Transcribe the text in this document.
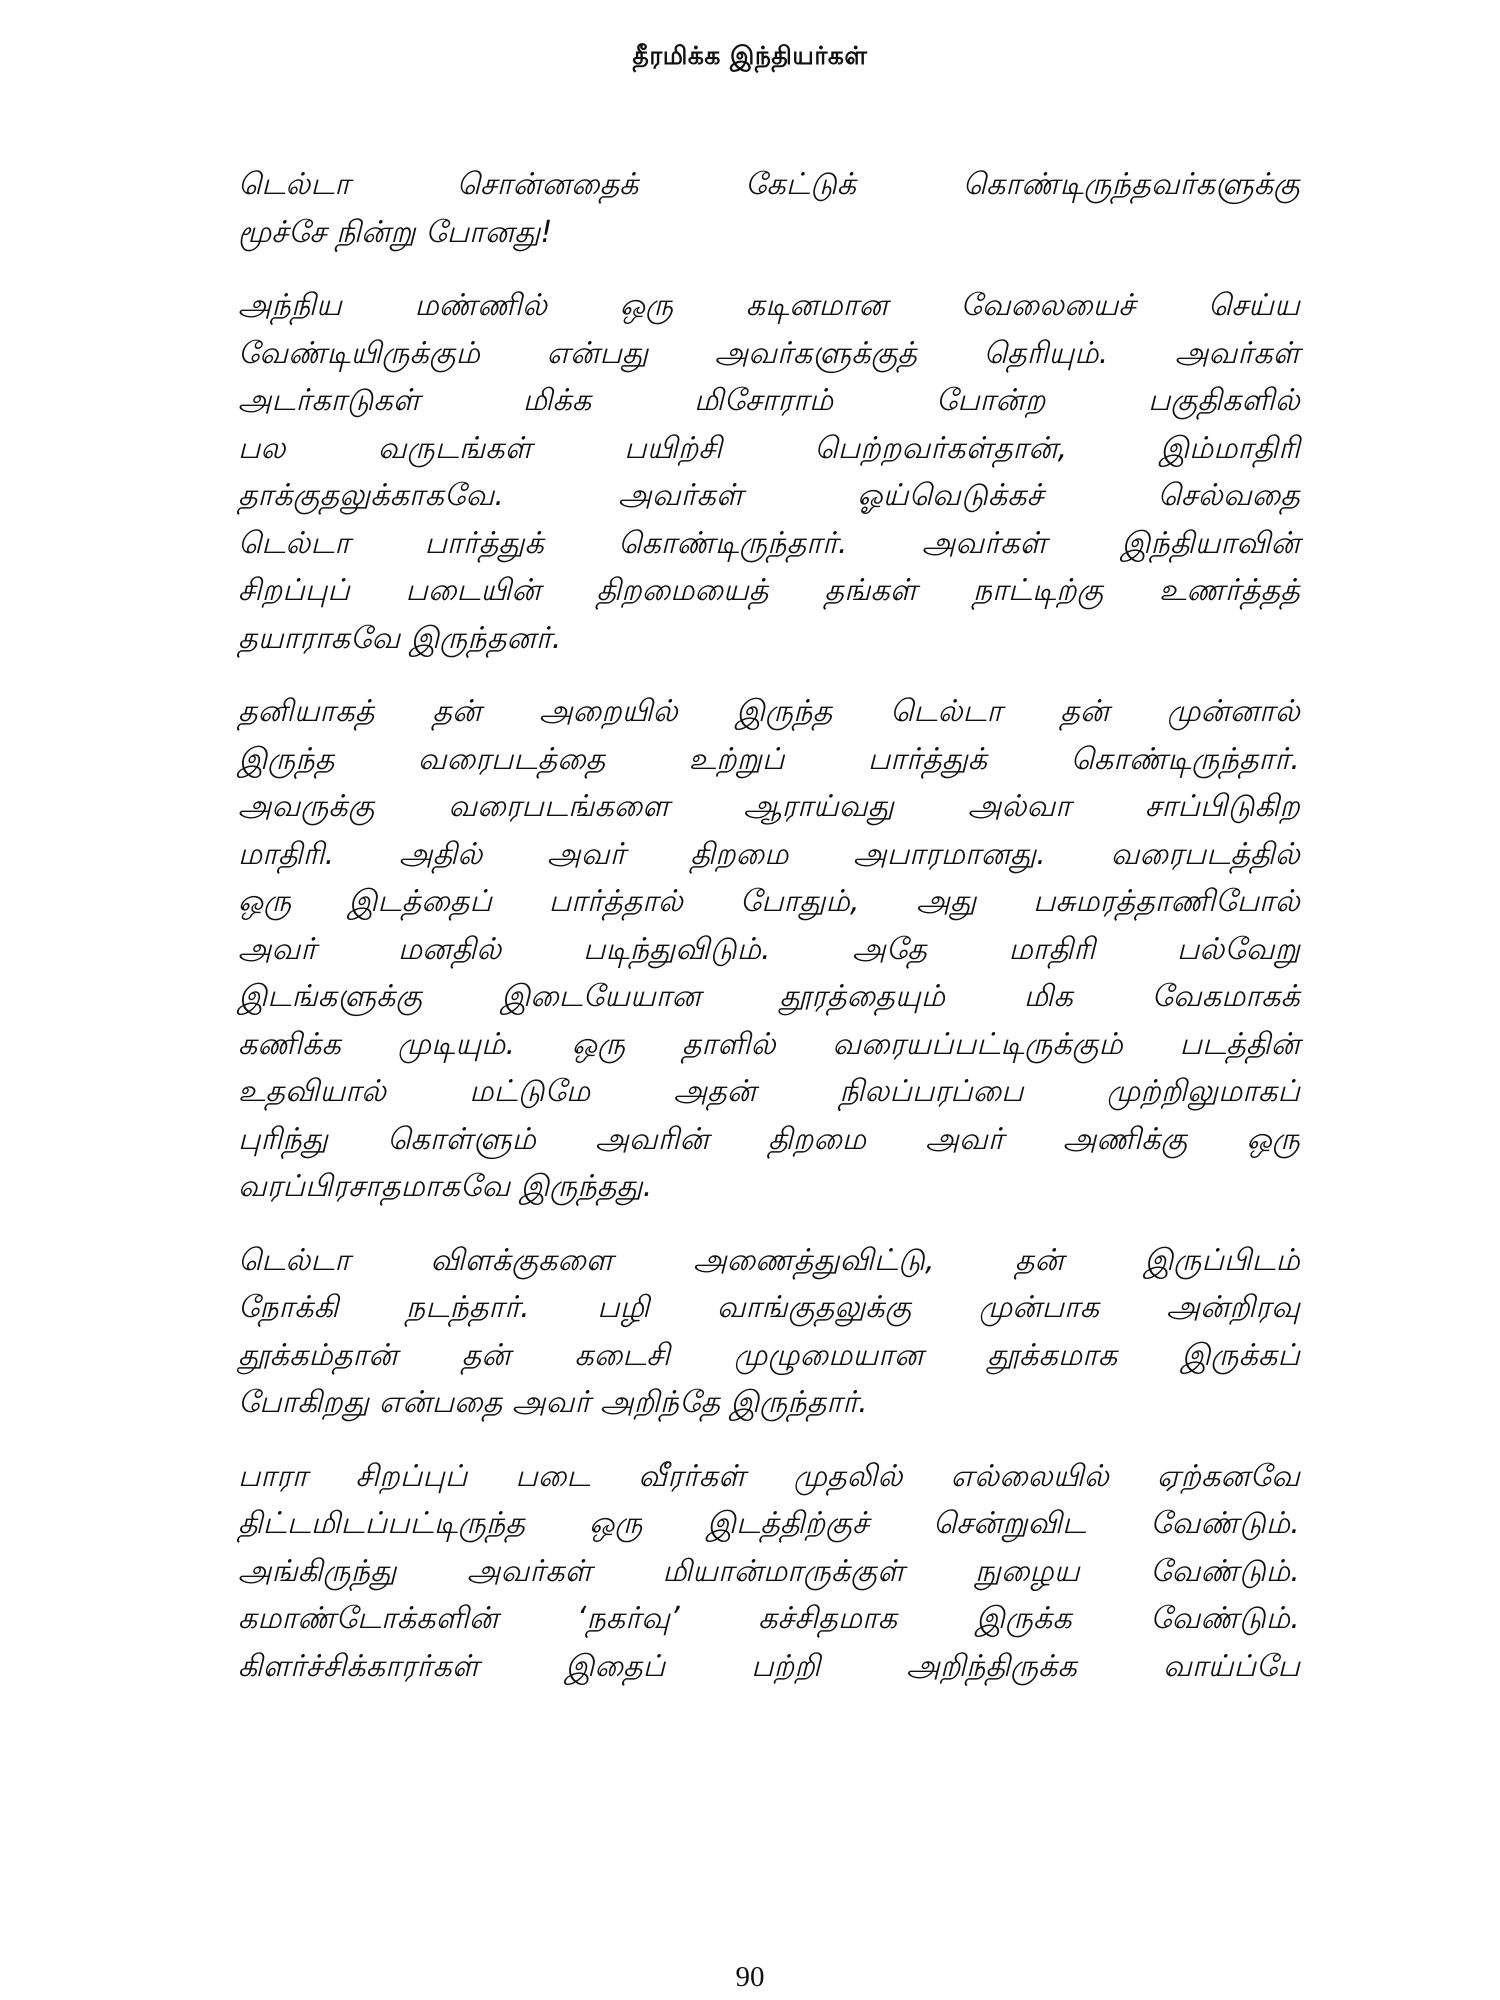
தீரமிக்க இந்தியர்கள்

டெல்டா சொன்னதைக் கேட்டுக் கொண்டிருந்தவர்களுக்கு
மூச்சே நின்று போனது!

அந்நிய மண்ணில் ஒரு கடினமான வேலையைச் செய்ய
வேண்டியிருக்கும் என்பது அவர்களுக்குத் தெரியும். அவர்கள்
அடர்காடுகள் மிக்க மிசோராம் போன்ற பகுதிகளில்
பல வருடங்கள் பயிற்சி பெற்றவர்கள்தான், இம்மாதிரி
தாக்குதலுக்காகவே. அவர்கள் ஓய்வெடுக்கச் செல்வதை
டெல்டா பார்த்துக் கொண்டிருந்தார். அவர்கள் இந்தியாவின்
சிறப்புப் படையின் திறமையைத் தங்கள் நாட்டிற்கு உணர்த்தத்
தயாராகவே இருந்தனர்.

தனியாகத் தன் அறையில் இருந்த டெல்டா தன் முன்னால்
இருந்த வரைபடத்தை உற்றுப் பார்த்துக் கொண்டிருந்தார்.
அவருக்கு வரைபடங்களை ஆராய்வது அல்வா சாப்பிடுகிற
மாதிரி. அதில் அவர் திறமை அபாரமானது. வரைபடத்தில்
ஒரு இடத்தைப் பார்த்தால் போதும், அது பசுமரத்தாணிபோல்
அவர் மனதில் படிந்துவிடும். அதே மாதிரி பல்வேறு
இடங்களுக்கு இடையேயான தூரத்தையும் மிக வேகமாகக்
கணிக்க முடியும். ஒரு தாளில் வரையப்பட்டிருக்கும் படத்தின்
உதவியால் மட்டுமே அதன் நிலப்பரப்பை முற்றிலுமாகப்
புரிந்து கொள்ளும் அவரின் திறமை அவர் அணிக்கு ஒரு
வரப்பிரசாதமாகவே இருந்தது.

டெல்டா விளக்குகளை அணைத்துவிட்டு, தன் இருப்பிடம்
நோக்கி நடந்தார். பழி வாங்குதலுக்கு முன்பாக அன்றிரவு
தூக்கம்தான் தன் கடைசி முழுமையான தூக்கமாக இருக்கப்
போகிறது என்பதை அவர் அறிந்தே இருந்தார்.

பாரா சிறப்புப் படை வீரர்கள் முதலில் எல்லையில் ஏற்கனவே
திட்டமிடப்பட்டிருந்த ஒரு இடத்திற்குச் சென்றுவிட வேண்டும்.
அங்கிருந்து அவர்கள் மியான்மாருக்குள் நுழைய வேண்டும்.
கமாண்டோக்களின் ‘நகர்வு’ கச்சிதமாக இருக்க வேண்டும்.
கிளர்ச்சிக்காரர்கள் இதைப் பற்றி அறிந்திருக்க வாய்ப்பே

90
